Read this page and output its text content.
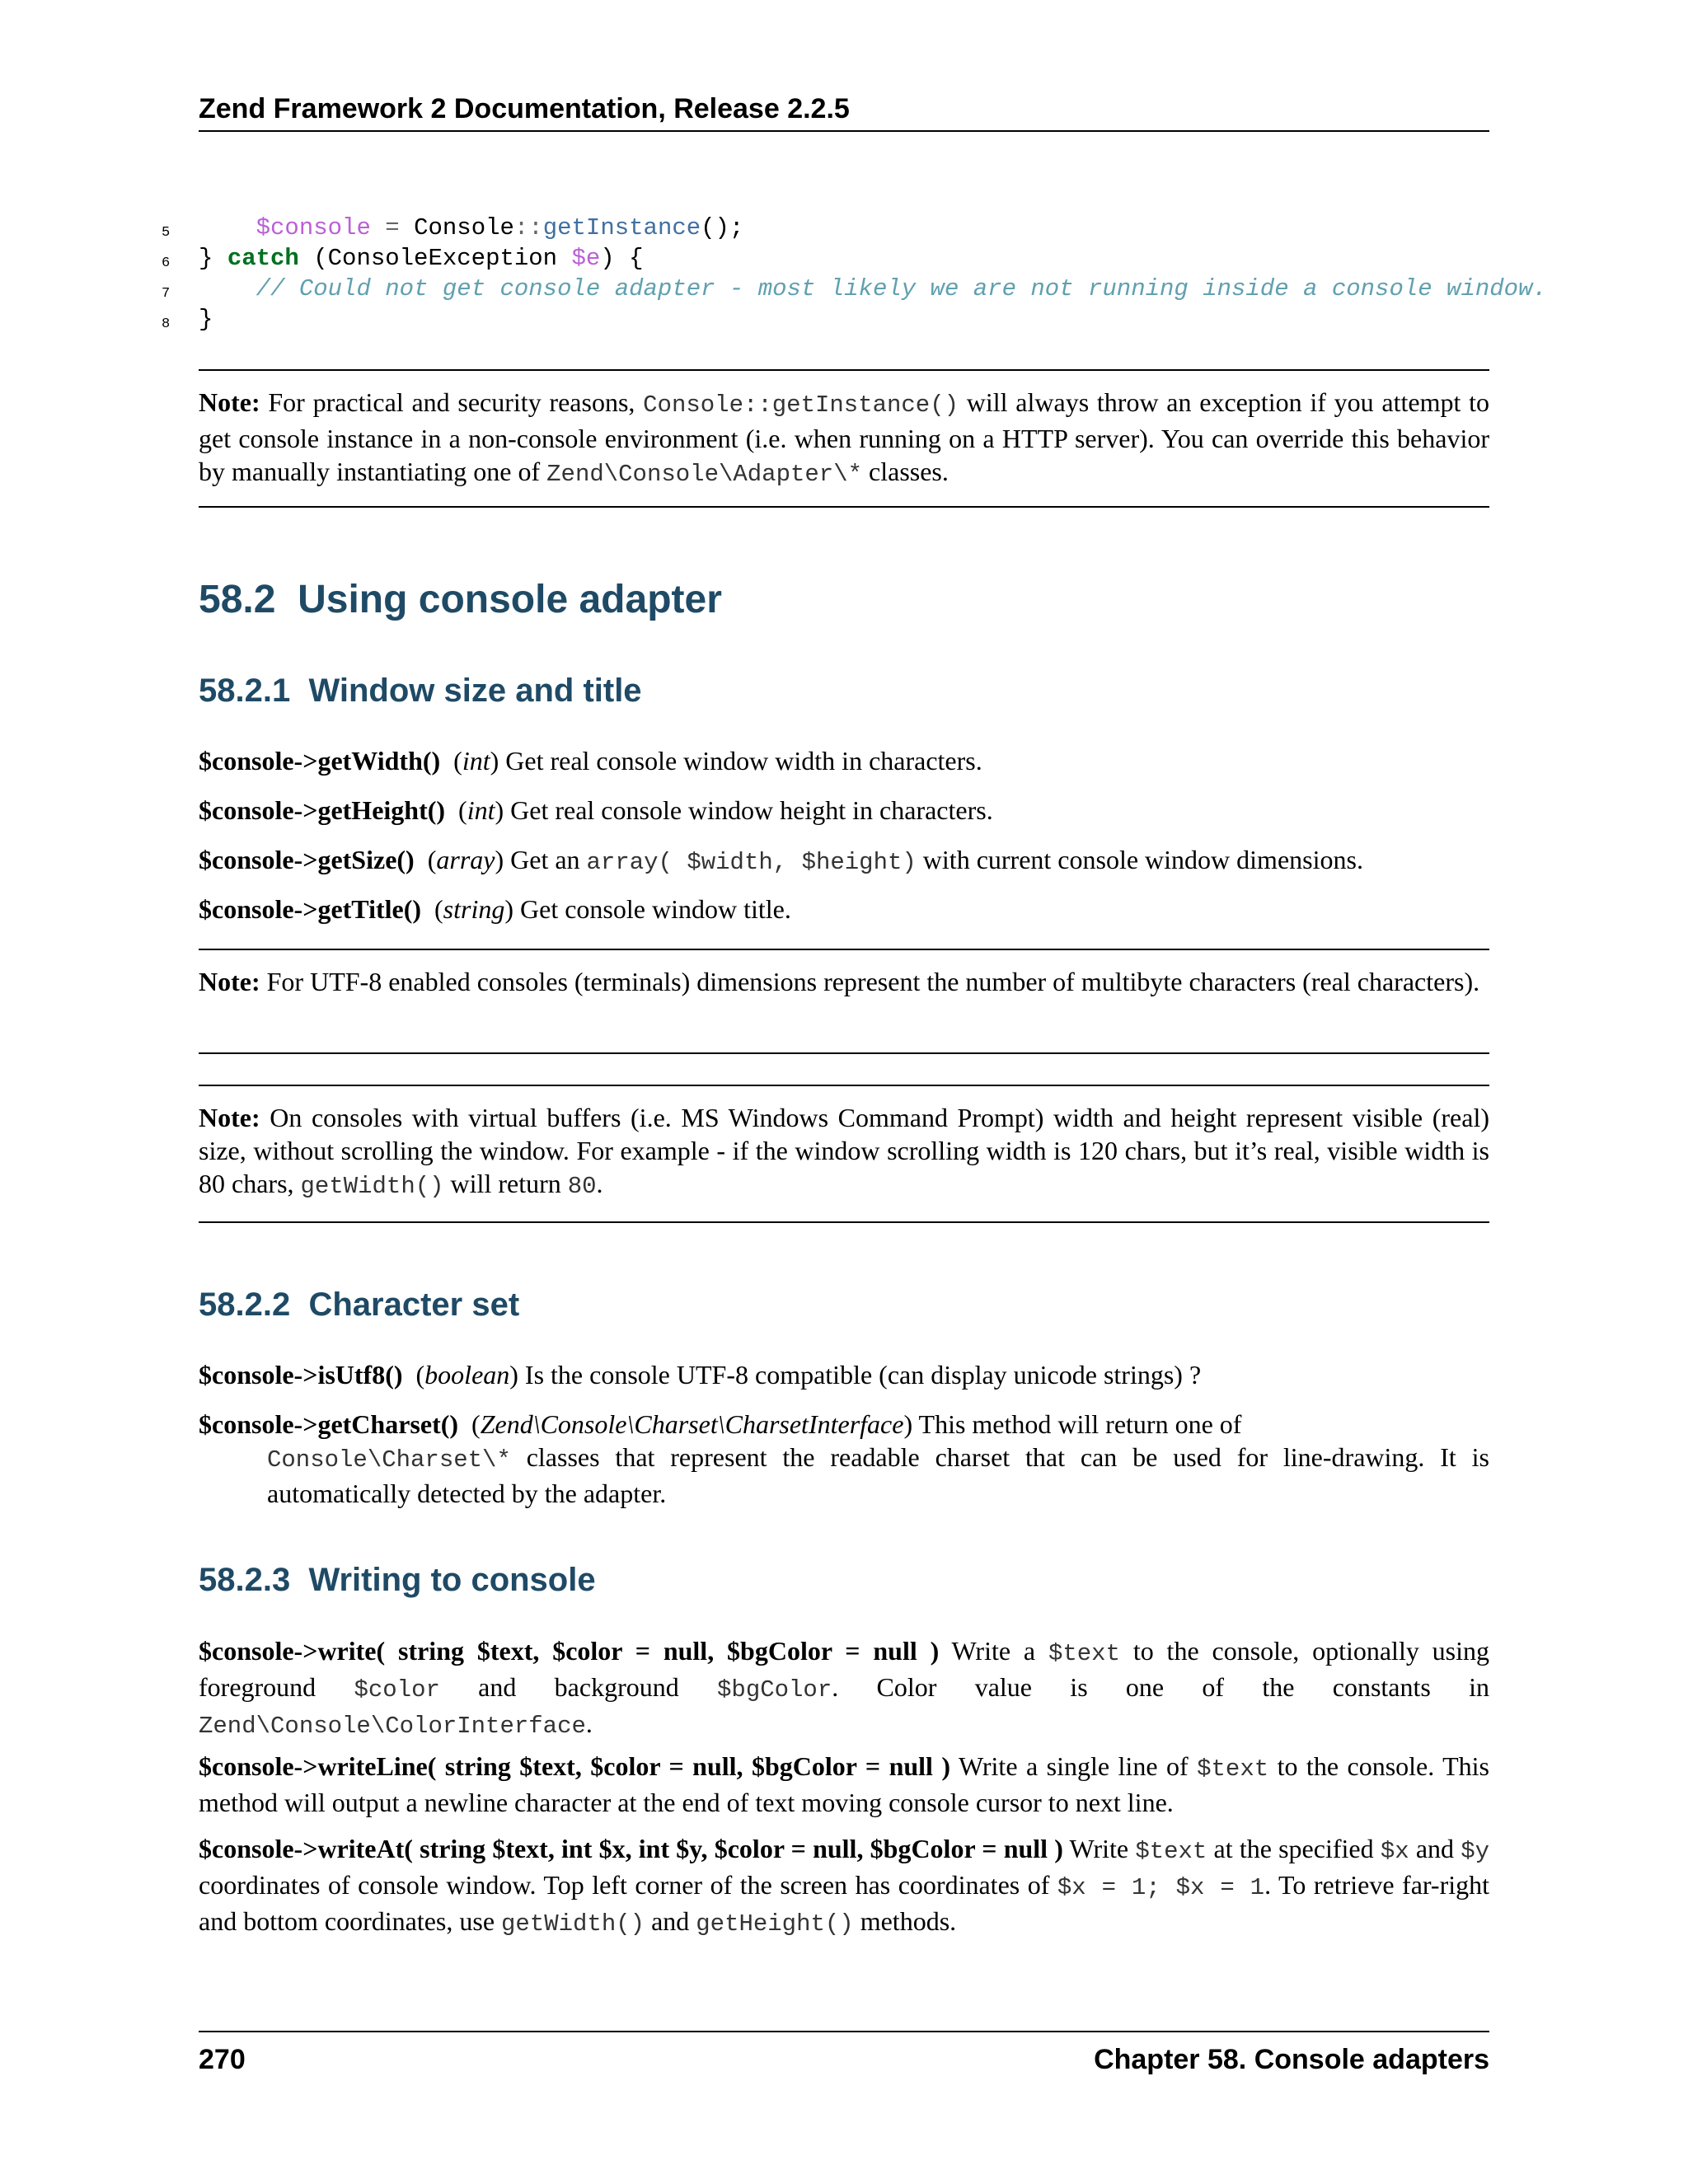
Zend Framework 2 Documentation, Release 2.2.5
5	$console = Console::getInstance();
6	} catch (ConsoleException $e) {
7	// Could not get console adapter - most likely we are not running inside a console window.
8	}
Note: For practical and security reasons, Console::getInstance() will always throw an exception if you attempt to get console instance in a non-console environment (i.e. when running on a HTTP server). You can override this behavior by manually instantiating one of Zend\Console\Adapter\* classes.
58.2 Using console adapter
58.2.1 Window size and title
$console->getWidth()  (int) Get real console window width in characters.
$console->getHeight()  (int) Get real console window height in characters.
$console->getSize()  (array) Get an array( $width, $height) with current console window dimensions.
$console->getTitle()  (string) Get console window title.
Note: For UTF-8 enabled consoles (terminals) dimensions represent the number of multibyte characters (real characters).
Note: On consoles with virtual buffers (i.e. MS Windows Command Prompt) width and height represent visible (real) size, without scrolling the window. For example - if the window scrolling width is 120 chars, but it’s real, visible width is 80 chars, getWidth() will return 80.
58.2.2 Character set
$console->isUtf8()  (boolean) Is the console UTF-8 compatible (can display unicode strings) ?
$console->getCharset()  (Zend\Console\Charset\CharsetInterface) This method will return one of
Console\Charset\* classes that represent the readable charset that can be used for line-drawing. It is automatically detected by the adapter.
58.2.3 Writing to console
$console->write( string $text, $color = null, $bgColor = null ) Write a $text to the console, optionally using foreground $color and background $bgColor. Color value is one of the constants in Zend\Console\ColorInterface.
$console->writeLine( string $text, $color = null, $bgColor = null ) Write a single line of $text to the console. This method will output a newline character at the end of text moving console cursor to next line.
$console->writeAt( string $text, int $x, int $y, $color = null, $bgColor = null ) Write $text at the specified $x and $y coordinates of console window. Top left corner of the screen has coordinates of $x = 1; $x = 1. To retrieve far-right and bottom coordinates, use getWidth() and getHeight() methods.
270	Chapter 58. Console adapters
